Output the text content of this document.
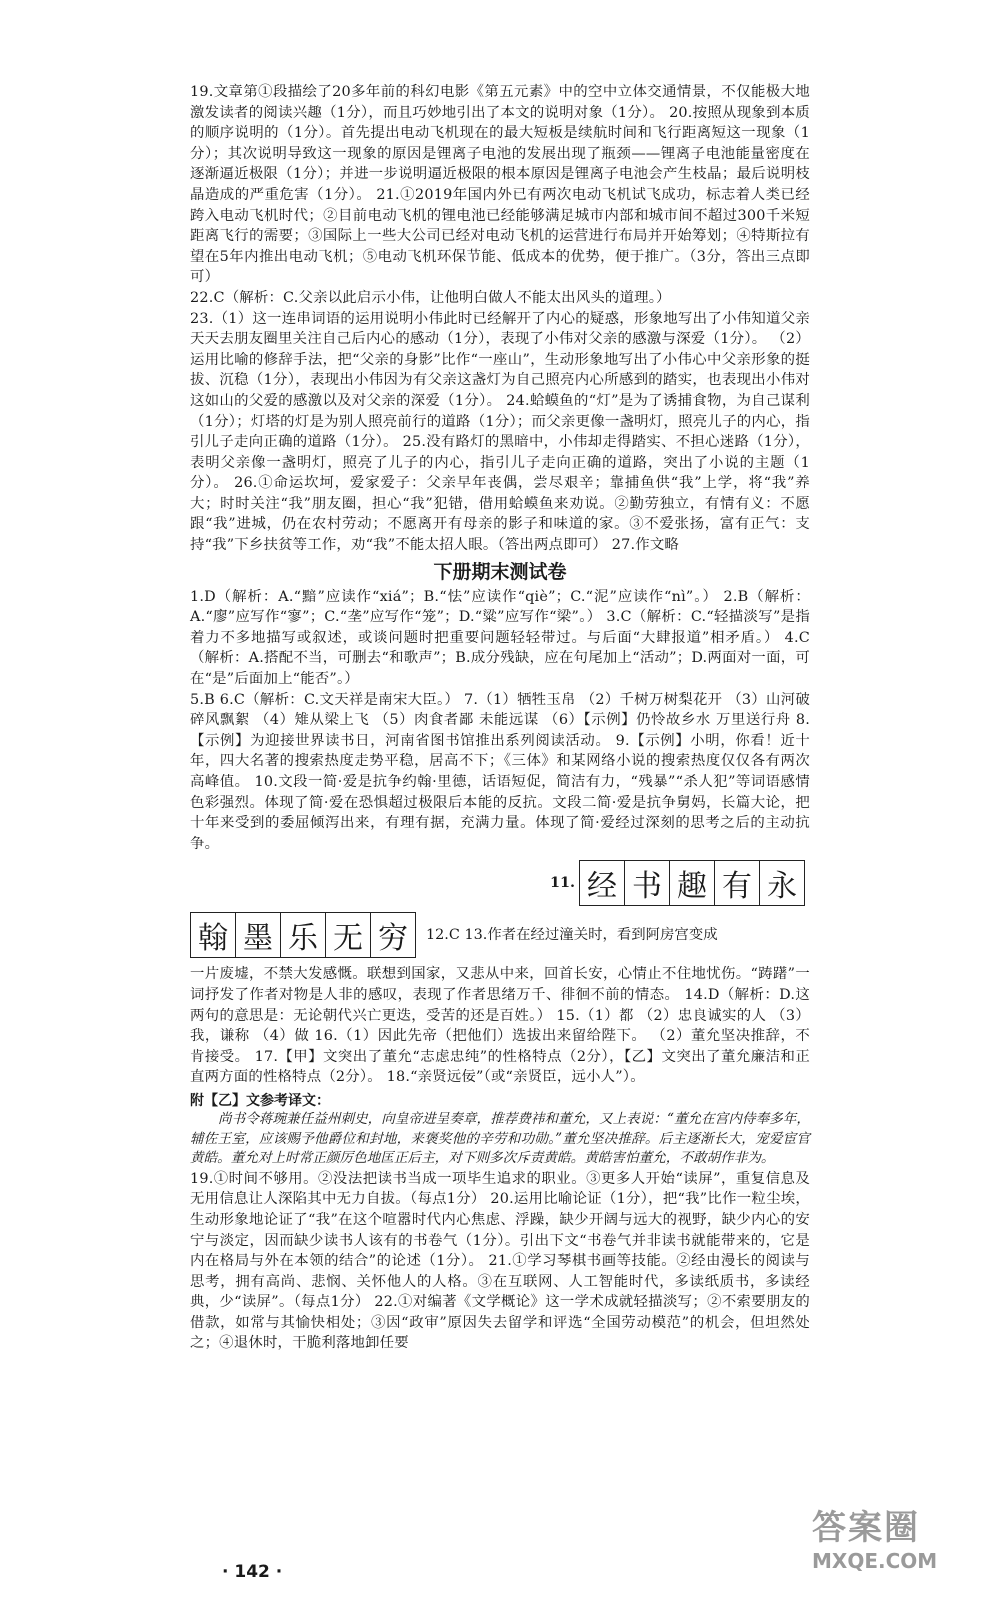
19.文章第①段描绘了20多年前的科幻电影《第五元素》中的空中立体交通情景，不仅能极大地激发读者的阅读兴趣（1分），而且巧妙地引出了本文的说明对象（1分）。 20.按照从现象到本质的顺序说明的（1分）。首先提出电动飞机现在的最大短板是续航时间和飞行距离短这一现象（1分）；其次说明导致这一现象的原因是锂离子电池的发展出现了瓶颈——锂离子电池能量密度在逐渐逼近极限（1分）；并进一步说明逼近极限的根本原因是锂离子电池会产生枝晶；最后说明枝晶造成的严重危害（1分）。 21.①2019年国内外已有两次电动飞机试飞成功，标志着人类已经跨入电动飞机时代；②目前电动飞机的锂电池已经能够满足城市内部和城市间不超过300千米短距离飞行的需要；③国际上一些大公司已经对电动飞机的运营进行布局并开始筹划；④特斯拉有望在5年内推出电动飞机；⑤电动飞机环保节能、低成本的优势，便于推广。（3分，答出三点即可）
22.C（解析：C.父亲以此启示小伟，让他明白做人不能太出风头的道理。）
23.（1）这一连串词语的运用说明小伟此时已经解开了内心的疑惑，形象地写出了小伟知道父亲天天去朋友圈里关注自己后内心的感动（1分），表现了小伟对父亲的感激与深爱（1分）。 （2）运用比喻的修辞手法，把“父亲的身影”比作“一座山”，生动形象地写出了小伟心中父亲形象的挺拔、沉稳（1分），表现出小伟因为有父亲这盏灯为自己照亮内心所感到的踏实，也表现出小伟对这如山的父爱的感激以及对父亲的深爱（1分）。 24.蛤蟆鱼的“灯”是为了诱捕食物，为自己谋利（1分）；灯塔的灯是为别人照亮前行的道路（1分）；而父亲更像一盏明灯，照亮儿子的内心，指引儿子走向正确的道路（1分）。 25.没有路灯的黑暗中，小伟却走得踏实、不担心迷路（1分），表明父亲像一盏明灯，照亮了儿子的内心，指引儿子走向正确的道路，突出了小说的主题（1分）。 26.①命运坎坷，爱家爱子：父亲早年丧偶，尝尽艰辛；靠捕鱼供“我”上学，将“我”养大；时时关注“我”朋友圈，担心“我”犯错，借用蛤蟆鱼来劝说。②勤劳独立，有情有义：不愿跟“我”进城，仍在农村劳动；不愿离开有母亲的影子和味道的家。③不爱张扬，富有正气：支持“我”下乡扶贫等工作，劝“我”不能太招人眼。（答出两点即可） 27.作文略
下册期末测试卷
1.D（解析：A.“黯”应读作“xiá”；B.“怯”应读作“qiè”；C.“泥”应读作“nì”。） 2.B（解析：A.“廖”应写作“寥”；C.“垄”应写作“笼”；D.“粱”应写作“梁”。） 3.C（解析：C.“轻描淡写”是指着力不多地描写或叙述，或谈问题时把重要问题轻轻带过。与后面“大肆报道”相矛盾。） 4.C（解析：A.搭配不当，可删去“和歌声”；B.成分残缺，应在句尾加上“活动”；D.两面对一面，可在“是”后面加上“能否”。）
5.B 6.C（解析：C.文天祥是南宋大臣。） 7.（1）牺牲玉帛 （2）千树万树梨花开 （3）山河破碎风飘絮 （4）雉从梁上飞 （5）肉食者鄙 未能远谋 （6）【示例】仍怜故乡水 万里送行舟 8.【示例】为迎接世界读书日，河南省图书馆推出系列阅读活动。 9.【示例】小明，你看！近十年，四大名著的搜索热度走势平稳，居高不下；《三体》和某网络小说的搜索热度仅仅各有两次高峰值。 10.文段一简·爱是抗争约翰·里德，话语短促，简洁有力，“残暴”“杀人犯”等词语感情色彩强烈。体现了简·爱在恐惧超过极限后本能的反抗。文段二简·爱是抗争舅妈，长篇大论，把十年来受到的委屈倾泻出来，有理有据，充满力量。体现了简·爱经过深刻的思考之后的主动抗争。
11. 经 书 趣 有 永
翰 墨 乐 无 穷	12.C 13.作者在经过潼关时，看到阿房宫变成
一片废墟，不禁大发感慨。联想到国家，又悲从中来，回首长安，心情止不住地忧伤。“踌躇”一词抒发了作者对物是人非的感叹，表现了作者思绪万千、徘徊不前的情态。 14.D（解析：D.这两句的意思是：无论朝代兴亡更迭，受苦的还是百姓。） 15.（1）都 （2）忠良诚实的人 （3）我，谦称 （4）做 16.（1）因此先帝（把他们）选拔出来留给陛下。 （2）董允坚决推辞，不肯接受。 17.【甲】文突出了董允“志虑忠纯”的性格特点（2分），【乙】文突出了董允廉洁和正直两方面的性格特点（2分）。 18.“亲贤远佞”（或“亲贤臣，远小人”）。
附【乙】文参考译文：
尚书令蒋琬兼任益州刺史，向皇帝进呈奏章，推荐费祎和董允，又上表说：“董允在宫内侍奉多年，辅佐王室，应该赐予他爵位和封地，来褒奖他的辛劳和功勋。”董允坚决推辞。后主逐渐长大，宠爱宦官黄皓。董允对上时常正颜厉色地匡正后主，对下则多次斥责黄皓。黄皓害怕董允，不敢胡作非为。
19.①时间不够用。②没法把读书当成一项毕生追求的职业。③更多人开始“读屏”，重复信息及无用信息让人深陷其中无力自拔。（每点1分） 20.运用比喻论证（1分），把“我”比作一粒尘埃，生动形象地论证了“我”在这个喧嚣时代内心焦虑、浮躁，缺少开阔与远大的视野，缺少内心的安宁与淡定，因而缺少读书人该有的书卷气（1分）。引出下文“书卷气并非读书就能带来的，它是内在格局与外在本领的结合”的论述（1分）。 21.①学习琴棋书画等技能。②经由漫长的阅读与思考，拥有高尚、悲悯、关怀他人的人格。③在互联网、人工智能时代，多读纸质书，多读经典，少“读屏”。（每点1分） 22.①对编著《文学概论》这一学术成就轻描淡写；②不索要朋友的借款，如常与其愉快相处；③因“政审”原因失去留学和评选“全国劳动模范”的机会，但坦然处之；④退休时，干脆利落地卸任要
· 142 ·
答案圈
MXQE.COM
